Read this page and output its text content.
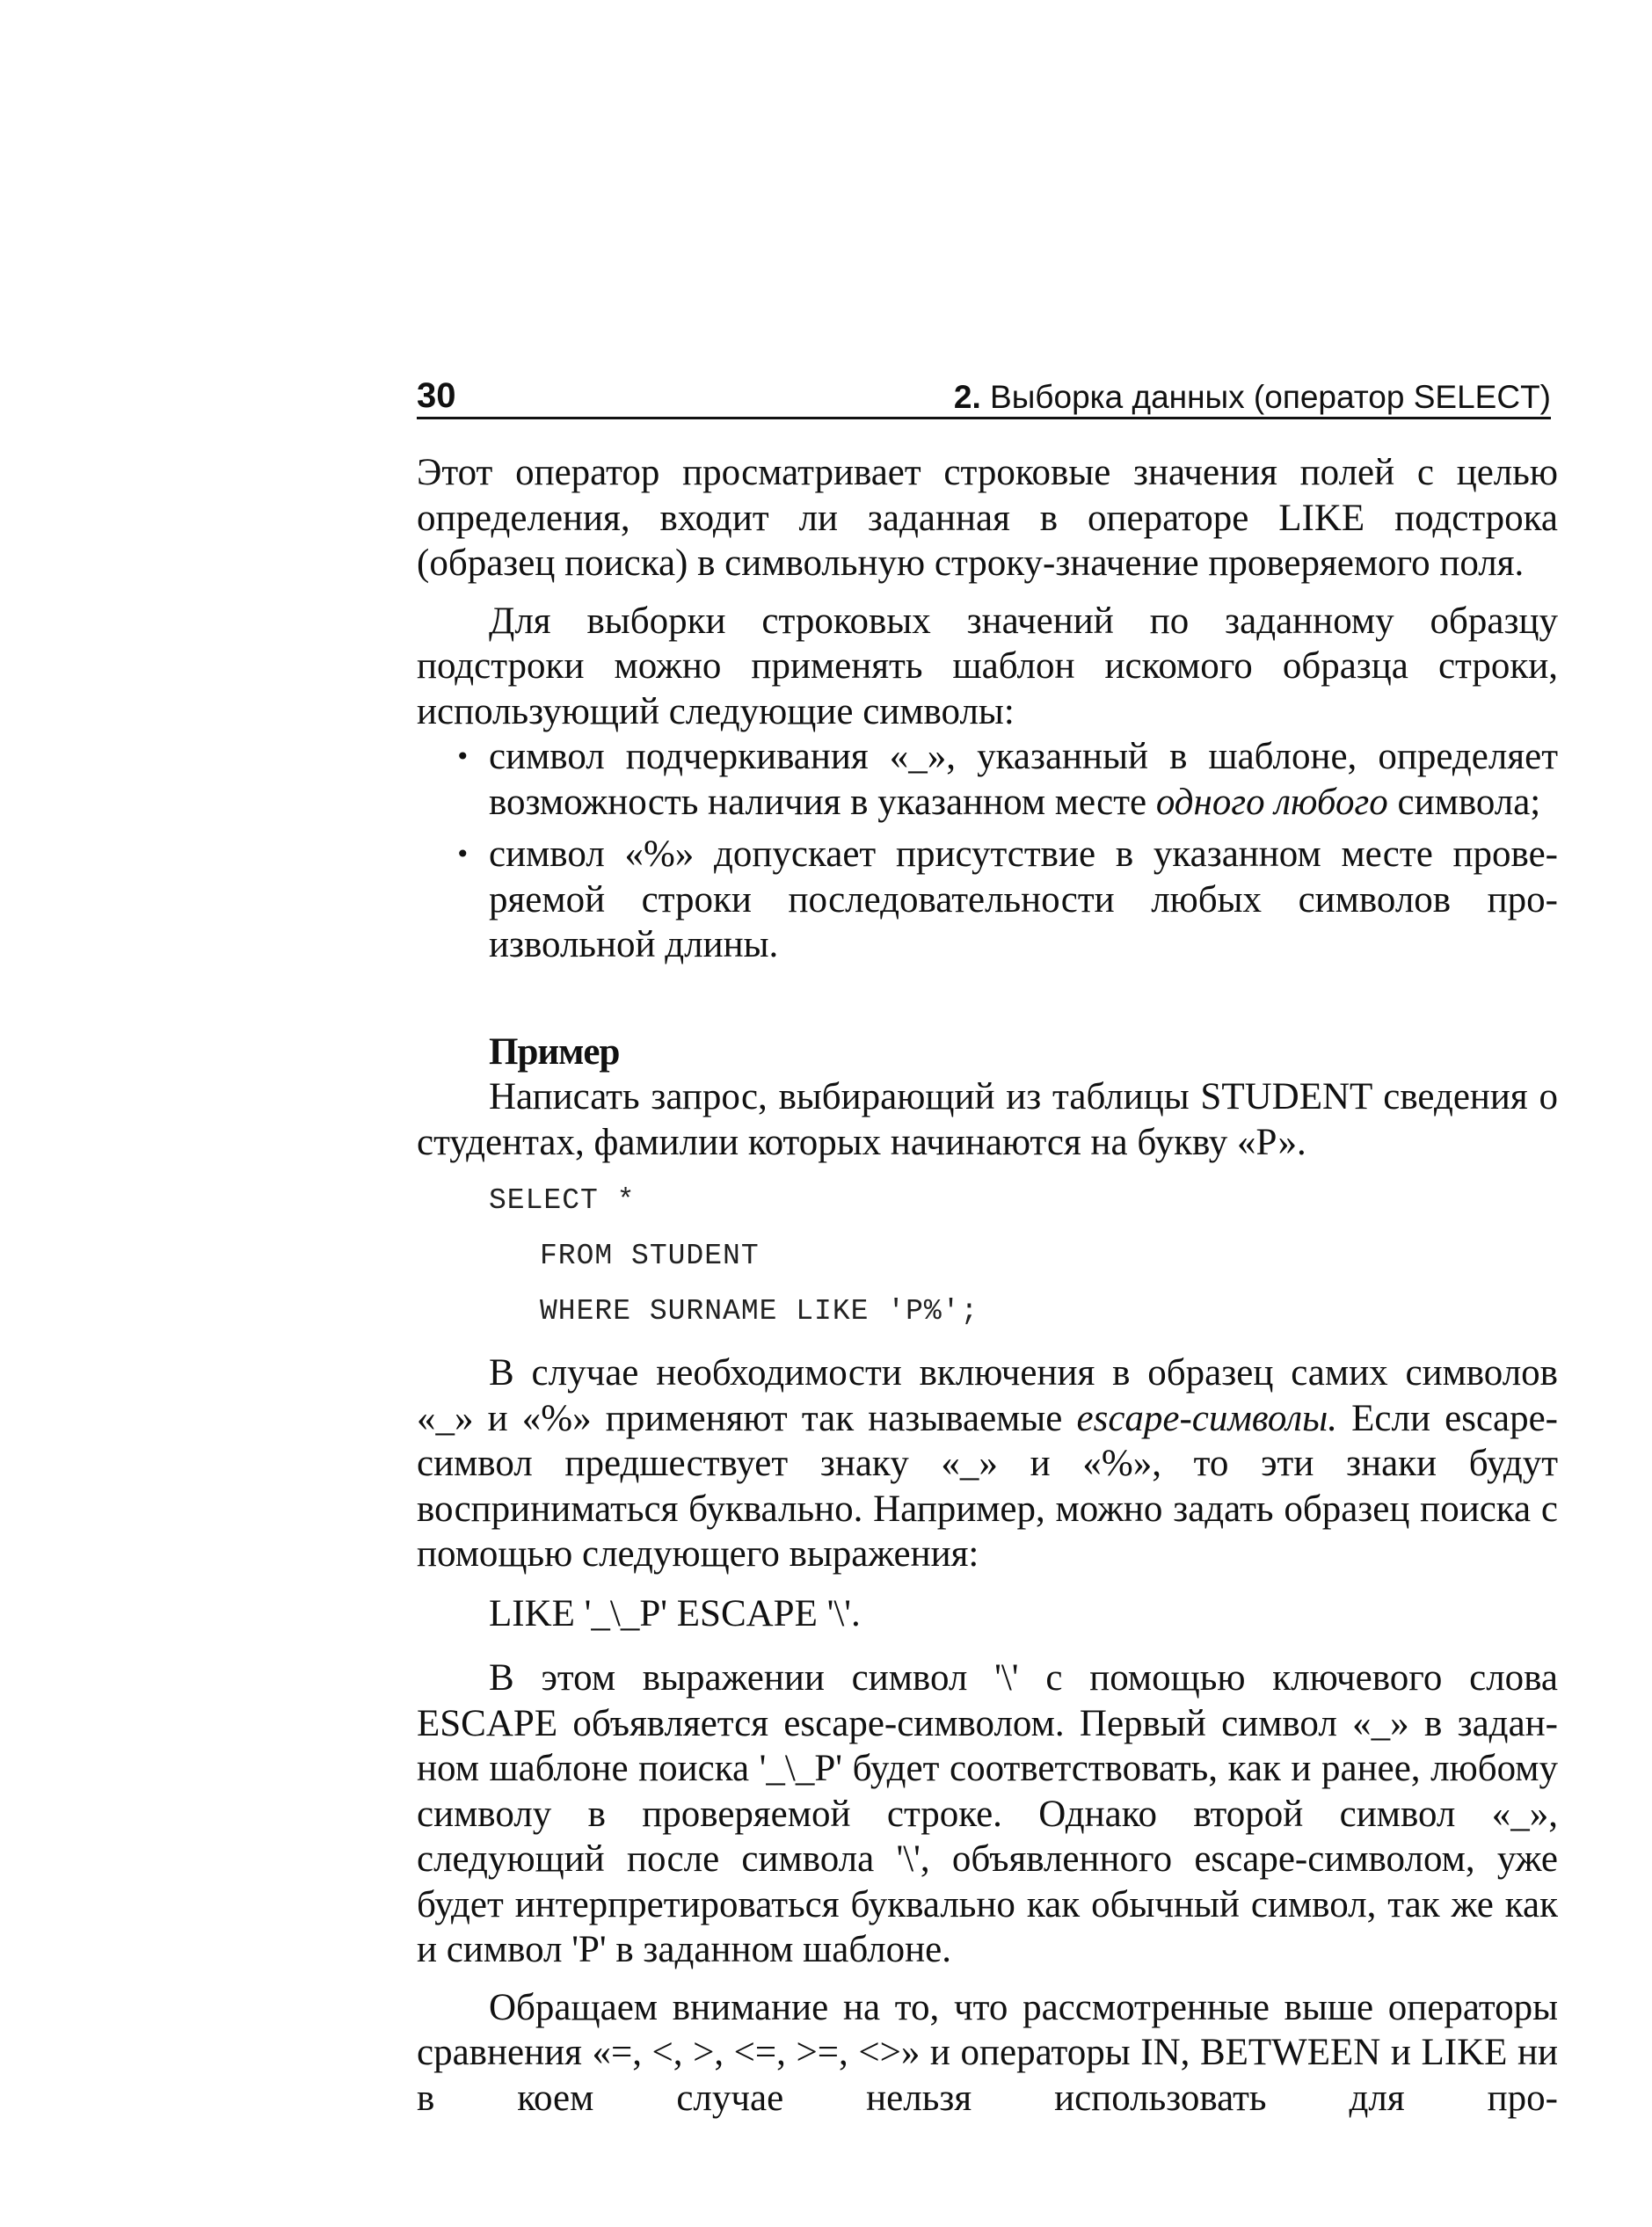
30	2. Выборка данных (оператор SELECT)

Этот оператор просматривает строковые значения полей с целью определения, входит ли заданная в операторе LIKE подстрока (образец поиска) в символьную строку-значение проверяемого поля.

Для выборки строковых значений по заданному образцу подстроки можно применять шаблон искомого образца строки, использующий следующие символы:

• символ подчеркивания «_», указанный в шаблоне, определяет возможность наличия в указанном месте одного любого символа;
• символ «%» допускает присутствие в указанном месте проверяемой строки последовательности любых символов произвольной длины.
Пример

Написать запрос, выбирающий из таблицы STUDENT сведения о студентах, фамилии которых начинаются на букву «Р».

SELECT *
FROM STUDENT
WHERE SURNAME LIKE 'P%';

В случае необходимости включения в образец самих символов «_» и «%» применяют так называемые escape-символы. Если escape-символ предшествует знаку «_» и «%», то эти знаки будут восприниматься буквально. Например, можно задать образец поиска с помощью следующего выражения:

LIKE '_\_P' ESCAPE '\'.

В этом выражении символ '\' с помощью ключевого слова ESCAPE объявляется escape-символом. Первый символ «_» в заданном шаблоне поиска '_\_P' будет соответствовать, как и ранее, любому символу в проверяемой строке. Однако второй символ «_», следующий после символа '\', объявленного escape-символом, уже будет интерпретироваться буквально как обычный символ, так же как и символ 'P' в заданном шаблоне.

Обращаем внимание на то, что рассмотренные выше операторы сравнения «=, <, >, <=, >=, <>» и операторы IN, BETWEEN и LIKE ни в коем случае нельзя использовать для про-
